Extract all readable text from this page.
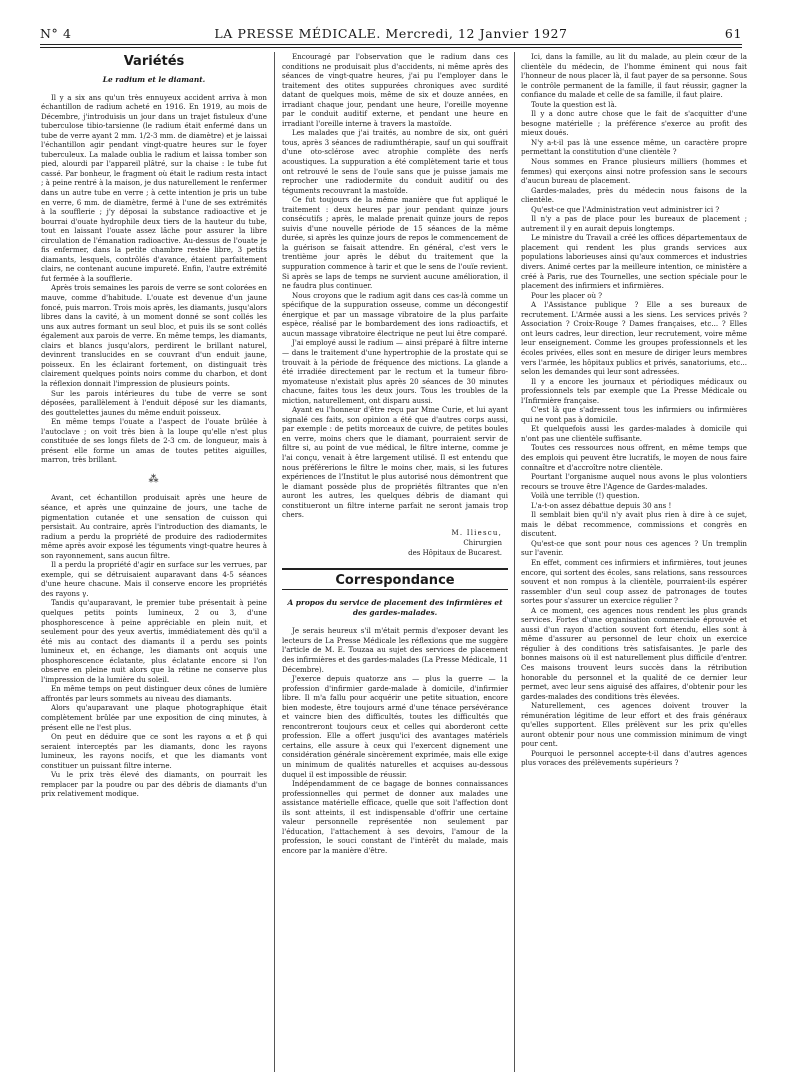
N° 4	LA PRESSE MÉDICALE. Mercredi, 12 Janvier 1927	61
Variétés
Le radium et le diamant.

Il y a six ans qu'un très ennuyeux accident arriva à mon échantillon de radium acheté en 1916. En 1919, au mois de Décembre, j'introduisis un jour dans un trajet fistuleux d'une tuberculose tibio-tarsienne (le radium était enfermé dans un tube de verre ayant 2 mm. 1/2-3 mm. de diamètre) et je laissai l'échantillon agir pendant vingt-quatre heures sur le foyer tuberculeux. La malade oublia le radium et laissa tomber son pied, alourdi par l'appareil plâtré, sur la chaise : le tube fut cassé. Par bonheur, le fragment où était le radium resta intact ; à peine rentré à la maison, je dus naturellement le renfermer dans un autre tube en verre ; à cette intention je pris un tube en verre, 6 mm. de diamètre, fermé à l'une de ses extrémités à la soufflerie ; j'y déposai la substance radioactive et je bourrai d'ouate hydrophile deux tiers de la hauteur du tube, tout en laissant l'ouate assez lâche pour assurer la libre circulation de l'émanation radioactive. Au-dessus de l'ouate je fis enfermer, dans la petite chambre restée libre, 3 petits diamants, lesquels, contrôlés d'avance, étaient parfaitement clairs, ne contenant aucune impureté. Enfin, l'autre extrémité fut fermée à la soufflerie.

Après trois semaines les parois de verre se sont colorées en mauve, comme d'habitude. L'ouate est devenue d'un jaune foncé, puis marron. Trois mois après, les diamants, jusqu'alors libres dans la cavité, à un moment donné se sont collés les uns aux autres formant un seul bloc, et puis ils se sont collés également aux parois de verre. En même temps, les diamants, clairs et blancs jusqu'alors, perdirent le brillant naturel, devinrent translucides en se couvrant d'un enduit jaune, poisseux. En les éclairant fortement, on distinguait très clairement quelques points noirs comme du charbon, et dont la réflexion donnait l'impression de plusieurs points.

Sur les parois intérieures du tube de verre se sont déposées, parallèlement à l'enduit déposé sur les diamants, des gouttelettes jaunes du même enduit poisseux.

En même temps l'ouate a l'aspect de l'ouate brûlée à l'autoclave ; on voit très bien à la loupe qu'elle n'est plus constituée de ses longs filets de 2-3 cm. de longueur, mais à présent elle forme un amas de toutes petites aiguilles, marron, très brillant.

⁂

Avant, cet échantillon produisait après une heure de séance, et après une quinzaine de jours, une tache de pigmentation cutanée et une sensation de cuisson qui persistait. Au contraire, après l'introduction des diamants, le radium a perdu la propriété de produire des radiodermites même après avoir exposé les téguments vingt-quatre heures à son rayonnement, sans aucun filtre.

Il a perdu la propriété d'agir en surface sur les verrues, par exemple, qui se détruisaient auparavant dans 4-5 séances d'une heure chacune. Mais il conserve encore les propriétés des rayons γ.

Tandis qu'auparavant, le premier tube présentait à peine quelques petits points lumineux, 2 ou 3, d'une phosphorescence à peine appréciable en plein nuit, et seulement pour des yeux avertis, immédiatement dès qu'il a été mis au contact des diamants il a perdu ses points lumineux et, en échange, les diamants ont acquis une phosphorescence éclatante, plus éclatante encore si l'on observe en pleine nuit alors que la rétine ne conserve plus l'impression de la lumière du soleil.

En même temps on peut distinguer deux cônes de lumière affrontés par leurs sommets au niveau des diamants.

Alors qu'auparavant une plaque photographique était complètement brûlée par une exposition de cinq minutes, à présent elle ne l'est plus.

On peut en déduire que ce sont les rayons α et β qui seraient interceptés par les diamants, donc les rayons lumineux, les rayons nocifs, et que les diamants vont constituer un puissant filtre interne.

Vu le prix très élevé des diamants, on pourrait les remplacer par la poudre ou par des débris de diamants d'un prix relativement modique.

Encouragé par l'observation que le radium dans ces conditions ne produisait plus d'accidents, ni même après des séances de vingt-quatre heures, j'ai pu l'employer dans le traitement des otites suppurées chroniques avec surdité datant de quelques mois, même de six et douze années, en irradiant chaque jour, pendant une heure, l'oreille moyenne par le conduit auditif externe, et pendant une heure en irradiant l'oreille interne à travers la mastoïde.

Les malades que j'ai traités, au nombre de six, ont guéri tous, après 3 séances de radiumthérapie, sauf un qui souffrait d'une oto-sclérose avec atrophie complète des nerfs acoustiques. La suppuration a été complètement tarie et tous ont retrouvé le sens de l'ouïe sans que je puisse jamais me reprocher une radiodermite du conduit auditif ou des téguments recouvrant la mastoïde.

Ce fut toujours de la même manière que fut appliqué le traitement : deux heures par jour pendant quinze jours consécutifs ; après, le malade prenait quinze jours de repos suivis d'une nouvelle période de 15 séances de la même durée, si après les quinze jours de repos le commencement de la guérison se faisait attendre. En général, c'est vers le trentième jour après le début du traitement que la suppuration commence à tarir et que le sens de l'ouïe revient. Si après se laps de temps ne survient aucune amélioration, il ne faudra plus continuer.

Nous croyons que le radium agit dans ces cas-là comme un spécifique de la suppuration osseuse, comme un décongestif énergique et par un massage vibratoire de la plus parfaite espèce, réalisé par le bombardement des ions radioactifs, et aucun massage vibratoire électrique ne peut lui être comparé.

J'ai employé aussi le radium — ainsi préparé à filtre interne — dans le traitement d'une hypertrophie de la prostate qui se trouvait à la période de fréquence des mictions. La glande a été irradiée directement par le rectum et la tumeur fibro-myomateuse n'existait plus après 20 séances de 30 minutes chacune, faites tous les deux jours. Tous les troubles de la miction, naturellement, ont disparu aussi.

Ayant eu l'honneur d'être reçu par Mme Curie, et lui ayant signalé ces faits, son opinion a été que d'autres corps aussi, par exemple : de petits morceaux de cuivre, de petites boules en verre, moins chers que le diamant, pourraient servir de filtre si, au point de vue médical, le filtre interne, comme je l'ai conçu, venait à être largement utilisé. Il est entendu que nous préférerions le filtre le moins cher, mais, si les futures expériences de l'Institut le plus autorisé nous démontrent que le diamant possède plus de propriétés filtrantes que n'en auront les autres, les quelques débris de diamant qui constitueront un filtre interne parfait ne seront jamais trop chers.

M. Iliescu,
Chirurgien
des Hôpitaux de Bucarest.
Correspondance
A propos du service de placement des infirmières et des gardes-malades.

Je serais heureux s'il m'était permis d'exposer devant les lecteurs de La Presse Médicale les réflexions que me suggère l'article de M. E. Touzaa au sujet des services de placement des infirmières et des gardes-malades (La Presse Médicale, 11 Décembre).

J'exerce depuis quatorze ans — plus la guerre — la profession d'infirmier garde-malade à domicile, d'infirmier libre. Il m'a fallu pour acquérir une petite situation, encore bien modeste, être toujours armé d'une ténace persévérance et vaincre bien des difficultés, toutes les difficultés que rencontreront toujours ceux et celles qui aborderont cette profession. Elle a offert jusqu'ici des avantages matériels certains, elle assure à ceux qui l'exercent dignement une considération générale sincèrement exprimée, mais elle exige un minimum de qualités naturelles et acquises au-dessous duquel il est impossible de réussir.

Indépendamment de ce bagage de bonnes connaissances professionnelles qui permet de donner aux malades une assistance matérielle efficace, quelle que soit l'affection dont ils sont atteints, il est indispensable d'offrir une certaine valeur personnelle représentée non seulement par l'éducation, l'attachement à ses devoirs, l'amour de la profession, le souci constant de l'intérêt du malade, mais encore par la manière d'être.

Ici, dans la famille, au lit du malade, au plein cœur de la clientèle du médecin, de l'homme éminent qui nous fait l'honneur de nous placer là, il faut payer de sa personne. Sous le contrôle permanent de la famille, il faut réussir, gagner la confiance du malade et celle de sa famille, il faut plaire.

Toute la question est là.

Il y a donc autre chose que le fait de s'acquitter d'une besogne matérielle ; la préférence s'exerce au profit des mieux doués.

N'y a-t-il pas là une essence même, un caractère propre permettant la constitution d'une clientèle ?

Nous sommes en France plusieurs milliers (hommes et femmes) qui exerçons ainsi notre profession sans le secours d'aucun bureau de placement.

Gardes-malades, près du médecin nous faisons de la clientèle.

Qu'est-ce que l'Administration veut administrer ici ?

Il n'y a pas de place pour les bureaux de placement ; autrement il y en aurait depuis longtemps.

Le ministre du Travail a créé les offices départementaux de placement qui rendent les plus grands services aux populations laborieuses ainsi qu'aux commerces et industries divers. Animé certes par la meilleure intention, ce ministère a créé à Paris, rue des Tournelles, une section spéciale pour le placement des infirmiers et infirmières.

Pour les placer où ?

A l'Assistance publique ? Elle a ses bureaux de recrutement. L'Armée aussi a les siens. Les services privés ? Association ? Croix-Rouge ? Dames françaises, etc... ? Elles ont leurs cadres, leur direction, leur recrutement, voire même leur enseignement. Comme les groupes professionnels et les écoles privées, elles sont en mesure de diriger leurs membres vers l'armée, les hôpitaux publics et privés, sanatoriums, etc... selon les demandes qui leur sont adressées.

Il y a encore les journaux et périodiques médicaux ou professionnels tels par exemple que La Presse Médicale ou l'Infirmière française.

C'est là que s'adressent tous les infirmiers ou infirmières qui ne vont pas à domicile.

Et quelquefois aussi les gardes-malades à domicile qui n'ont pas une clientèle suffisante.

Toutes ces ressources nous offrent, en même temps que des emplois qui peuvent être lucratifs, le moyen de nous faire connaître et d'accroître notre clientèle.

Pourtant l'organisme auquel nous avons le plus volontiers recours se trouve être l'Agence de Gardes-malades.

Voilà une terrible (!) question.

L'a-t-on assez débattue depuis 30 ans !

Il semblait bien qu'il n'y avait plus rien à dire à ce sujet, mais le débat recommence, commissions et congrès en discutent.

Qu'est-ce que sont pour nous ces agences ? Un tremplin sur l'avenir.

En effet, comment ces infirmiers et infirmières, tout jeunes encore, qui sortent des écoles, sans relations, sans ressources souvent et non rompus à la clientèle, pourraient-ils espérer rassembler d'un seul coup assez de patronages de toutes sortes pour s'assurer un exercice régulier ?

A ce moment, ces agences nous rendent les plus grands services. Fortes d'une organisation commerciale éprouvée et aussi d'un rayon d'action souvent fort étendu, elles sont à même d'assurer au personnel de leur choix un exercice régulier à des conditions très satisfaisantes. Je parle des bonnes maisons où il est naturellement plus difficile d'entrer. Ces maisons trouvent leurs succès dans la rétribution honorable du personnel et la qualité de ce dernier leur permet, avec leur sens aiguisé des affaires, d'obtenir pour les gardes-malades des conditions très élevées.

Naturellement, ces agences doivent trouver la rémunération légitime de leur effort et des frais généraux qu'elles supportent. Elles prélèvent sur les prix qu'elles auront obtenir pour nous une commission minimum de vingt pour cent.

Pourquoi le personnel accepte-t-il dans d'autres agences plus voraces des prélèvements supérieurs ?
